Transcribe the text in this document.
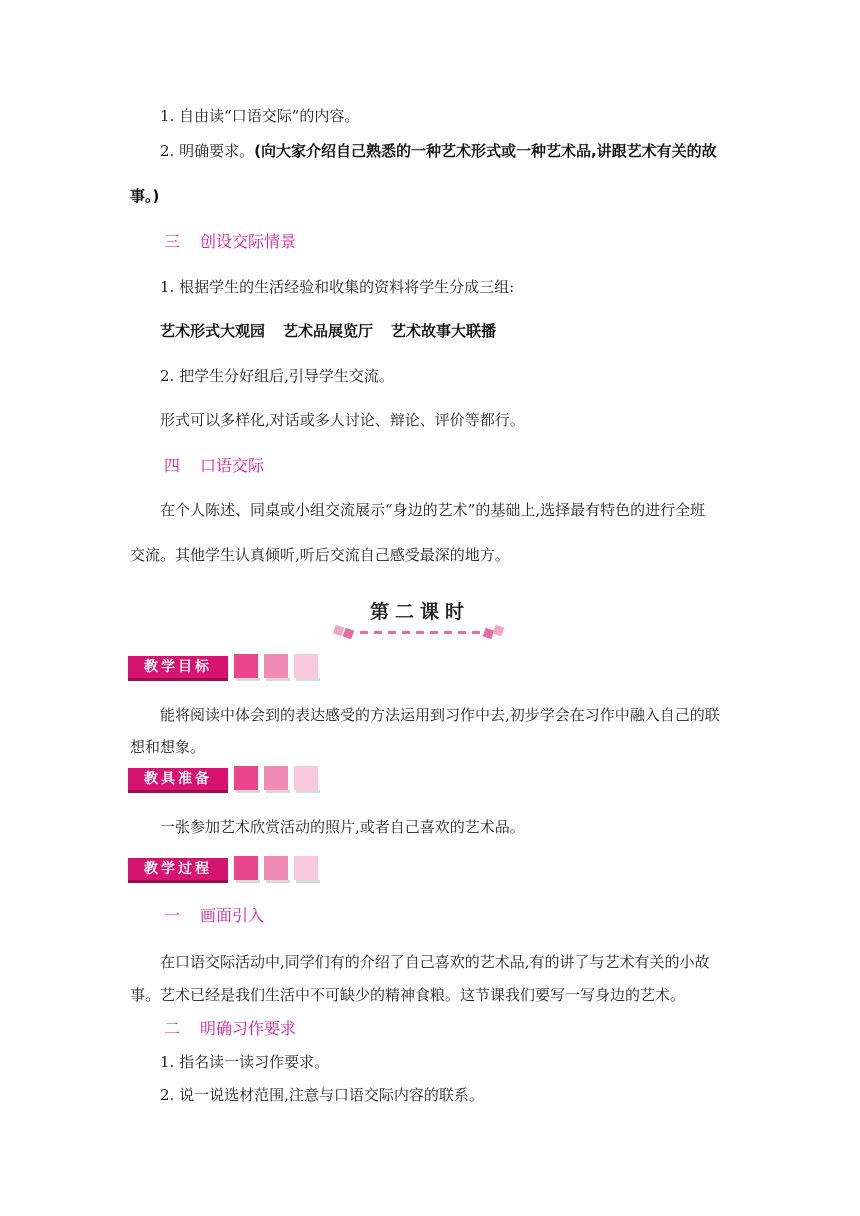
1. 自由读“口语交际”的内容。
2. 明确要求。(向大家介绍自己熟悉的一种艺术形式或一种艺术品,讲跟艺术有关的故
事。)
三 创设交际情景
1. 根据学生的生活经验和收集的资料将学生分成三组:
艺术形式大观园 艺术品展览厅 艺术故事大联播
2. 把学生分好组后,引导学生交流。
形式可以多样化,对话或多人讨论、辩论、评价等都行。
四 口语交际
在个人陈述、同桌或小组交流展示“身边的艺术”的基础上,选择最有特色的进行全班
交流。其他学生认真倾听,听后交流自己感受最深的地方。
第二课时
教学目标
能将阅读中体会到的表达感受的方法运用到习作中去,初步学会在习作中融入自己的联
想和想象。
教具准备
一张参加艺术欣赏活动的照片,或者自己喜欢的艺术品。
教学过程
一 画面引入
在口语交际活动中,同学们有的介绍了自己喜欢的艺术品,有的讲了与艺术有关的小故
事。艺术已经是我们生活中不可缺少的精神食粮。这节课我们要写一写身边的艺术。
二 明确习作要求
1. 指名读一读习作要求。
2. 说一说选材范围,注意与口语交际内容的联系。
